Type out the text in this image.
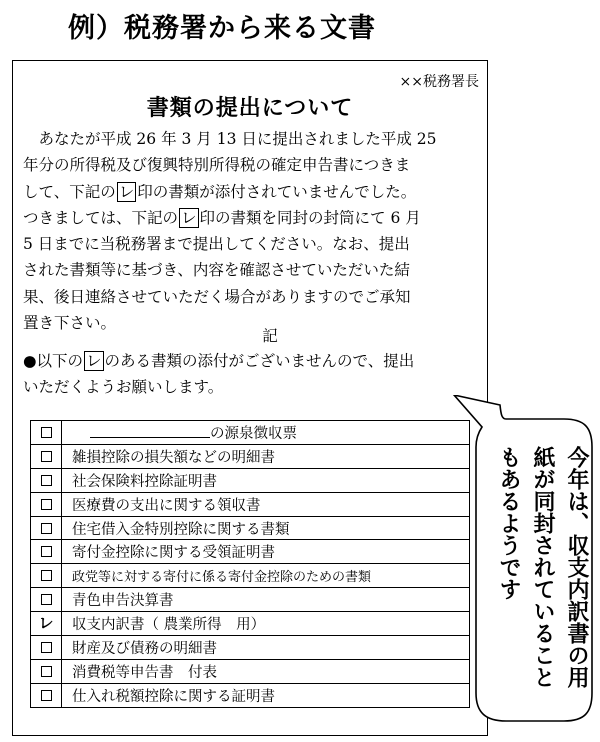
例）税務署から来る文書
××税務署長
書類の提出について
　あなたが平成 26 年 3 月 13 日に提出されました平成 25
年分の所得税及び復興特別所得税の確定申告書につきま
して、下記の レ 印の書類が添付されていませんでした。
つきましては、下記の レ 印の書類を同封の封筒にて 6 月
5 日までに当税務署まで提出してください。なお、提出
された書類等に基づき、内容を確認させていただいた結
果、後日連絡させていただく場合がありますのでご承知
置き下さい。
記
●以下の レ のある書類の添付がございませんので、提出
いただくようお願いします。
の源泉徴収票
雑損控除の損失額などの明細書
社会保険料控除証明書
医療費の支出に関する領収書
住宅借入金特別控除に関する書類
寄付金控除に関する受領証明書
政党等に対する寄付に係る寄付金控除のための書類
青色申告決算書
レ	収支内訳書（ 農業所得　用）
財産及び債務の明細書
消費税等申告書　付表
仕入れ税額控除に関する証明書
今年は、収支内訳書の用
紙が同封されていること
もあるようです
